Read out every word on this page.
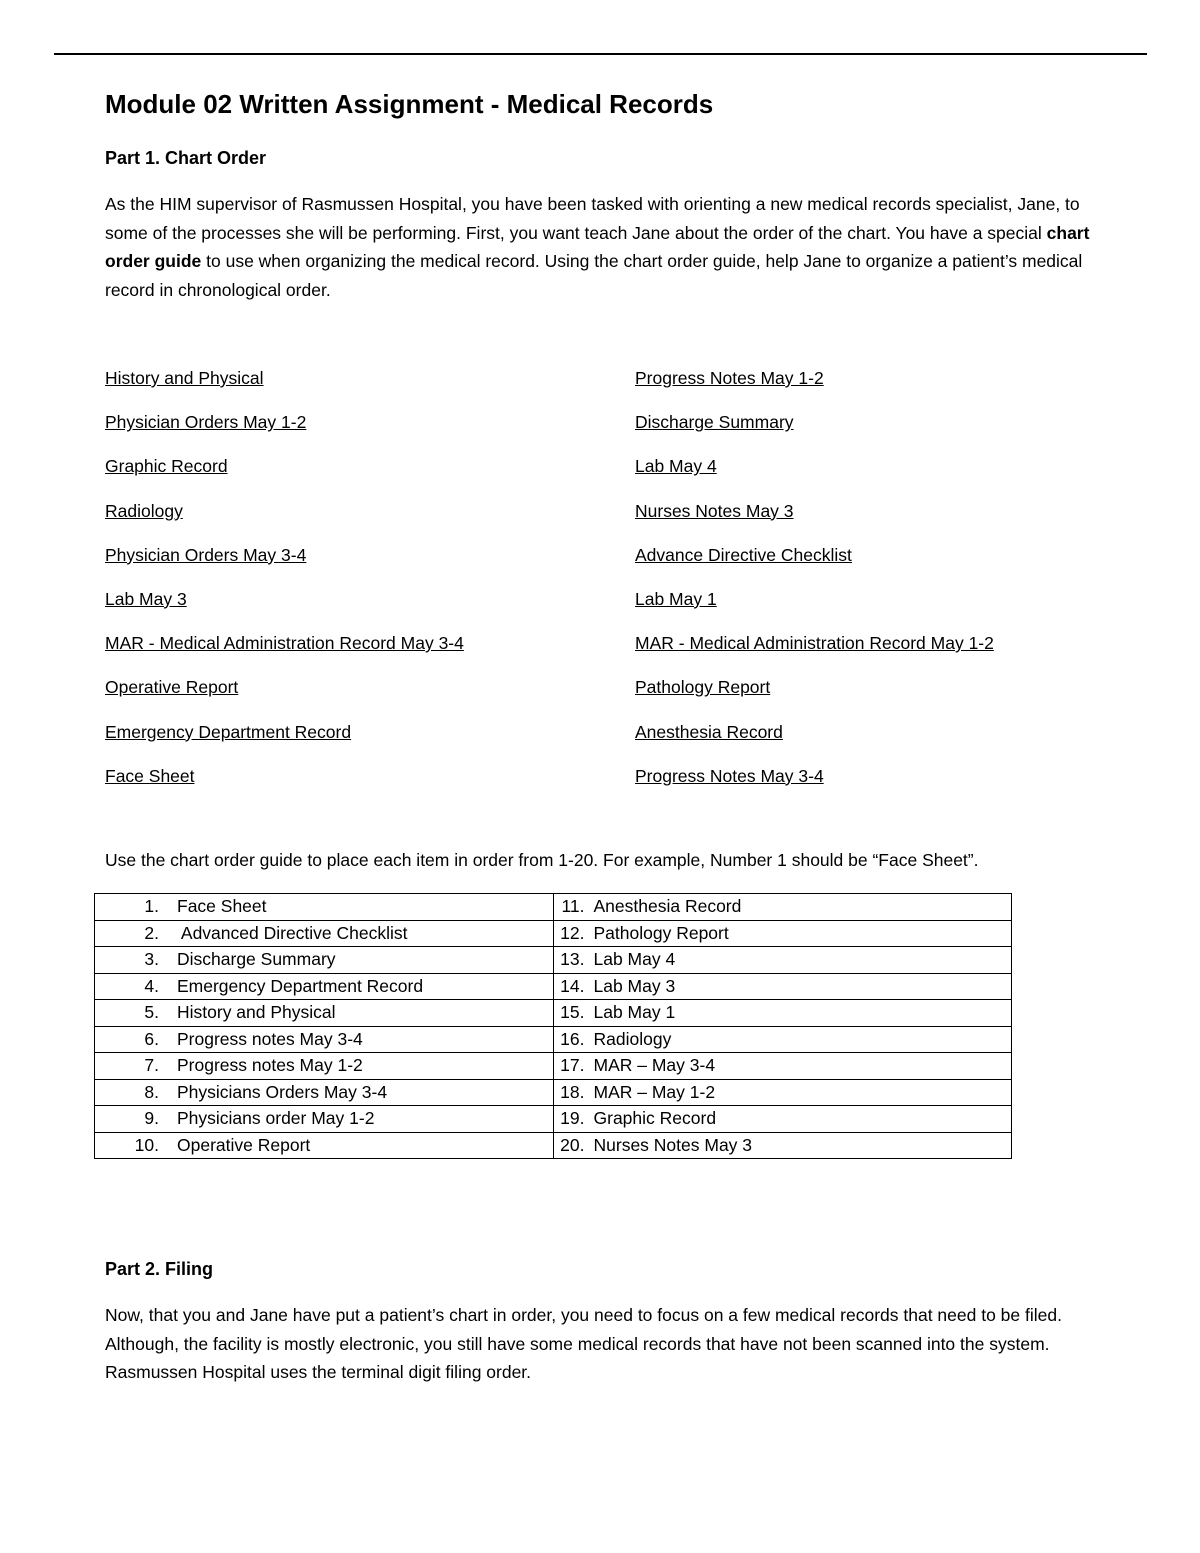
Module 02 Written Assignment - Medical Records
Part 1. Chart Order

As the HIM supervisor of Rasmussen Hospital, you have been tasked with orienting a new medical records specialist, Jane, to some of the processes she will be performing. First, you want teach Jane about the order of the chart. You have a special chart order guide to use when organizing the medical record. Using the chart order guide, help Jane to organize a patient’s medical record in chronological order.

History and Physical
Physician Orders May 1-2
Graphic Record
Radiology
Physician Orders May 3-4
Lab May 3
MAR - Medical Administration Record May 3-4
Operative Report
Emergency Department Record
Face Sheet
Progress Notes May 1-2
Discharge Summary
Lab May 4
Nurses Notes May 3
Advance Directive Checklist
Lab May 1
MAR - Medical Administration Record May 1-2
Pathology Report
Anesthesia Record
Progress Notes May 3-4

Use the chart order guide to place each item in order from 1-20. For example, Number 1 should be “Face Sheet”.

1. Face Sheet	11. Anesthesia Record
2. Advanced Directive Checklist	12. Pathology Report
3. Discharge Summary	13. Lab May 4
4. Emergency Department Record	14. Lab May 3
5. History and Physical	15. Lab May 1
6. Progress notes May 3-4	16. Radiology
7. Progress notes May 1-2	17. MAR – May 3-4
8. Physicians Orders May 3-4	18. MAR – May 1-2
9. Physicians order May 1-2	19. Graphic Record
10. Operative Report	20. Nurses Notes May 3
Part 2. Filing

Now, that you and Jane have put a patient’s chart in order, you need to focus on a few medical records that need to be filed. Although, the facility is mostly electronic, you still have some medical records that have not been scanned into the system. Rasmussen Hospital uses the terminal digit filing order.
